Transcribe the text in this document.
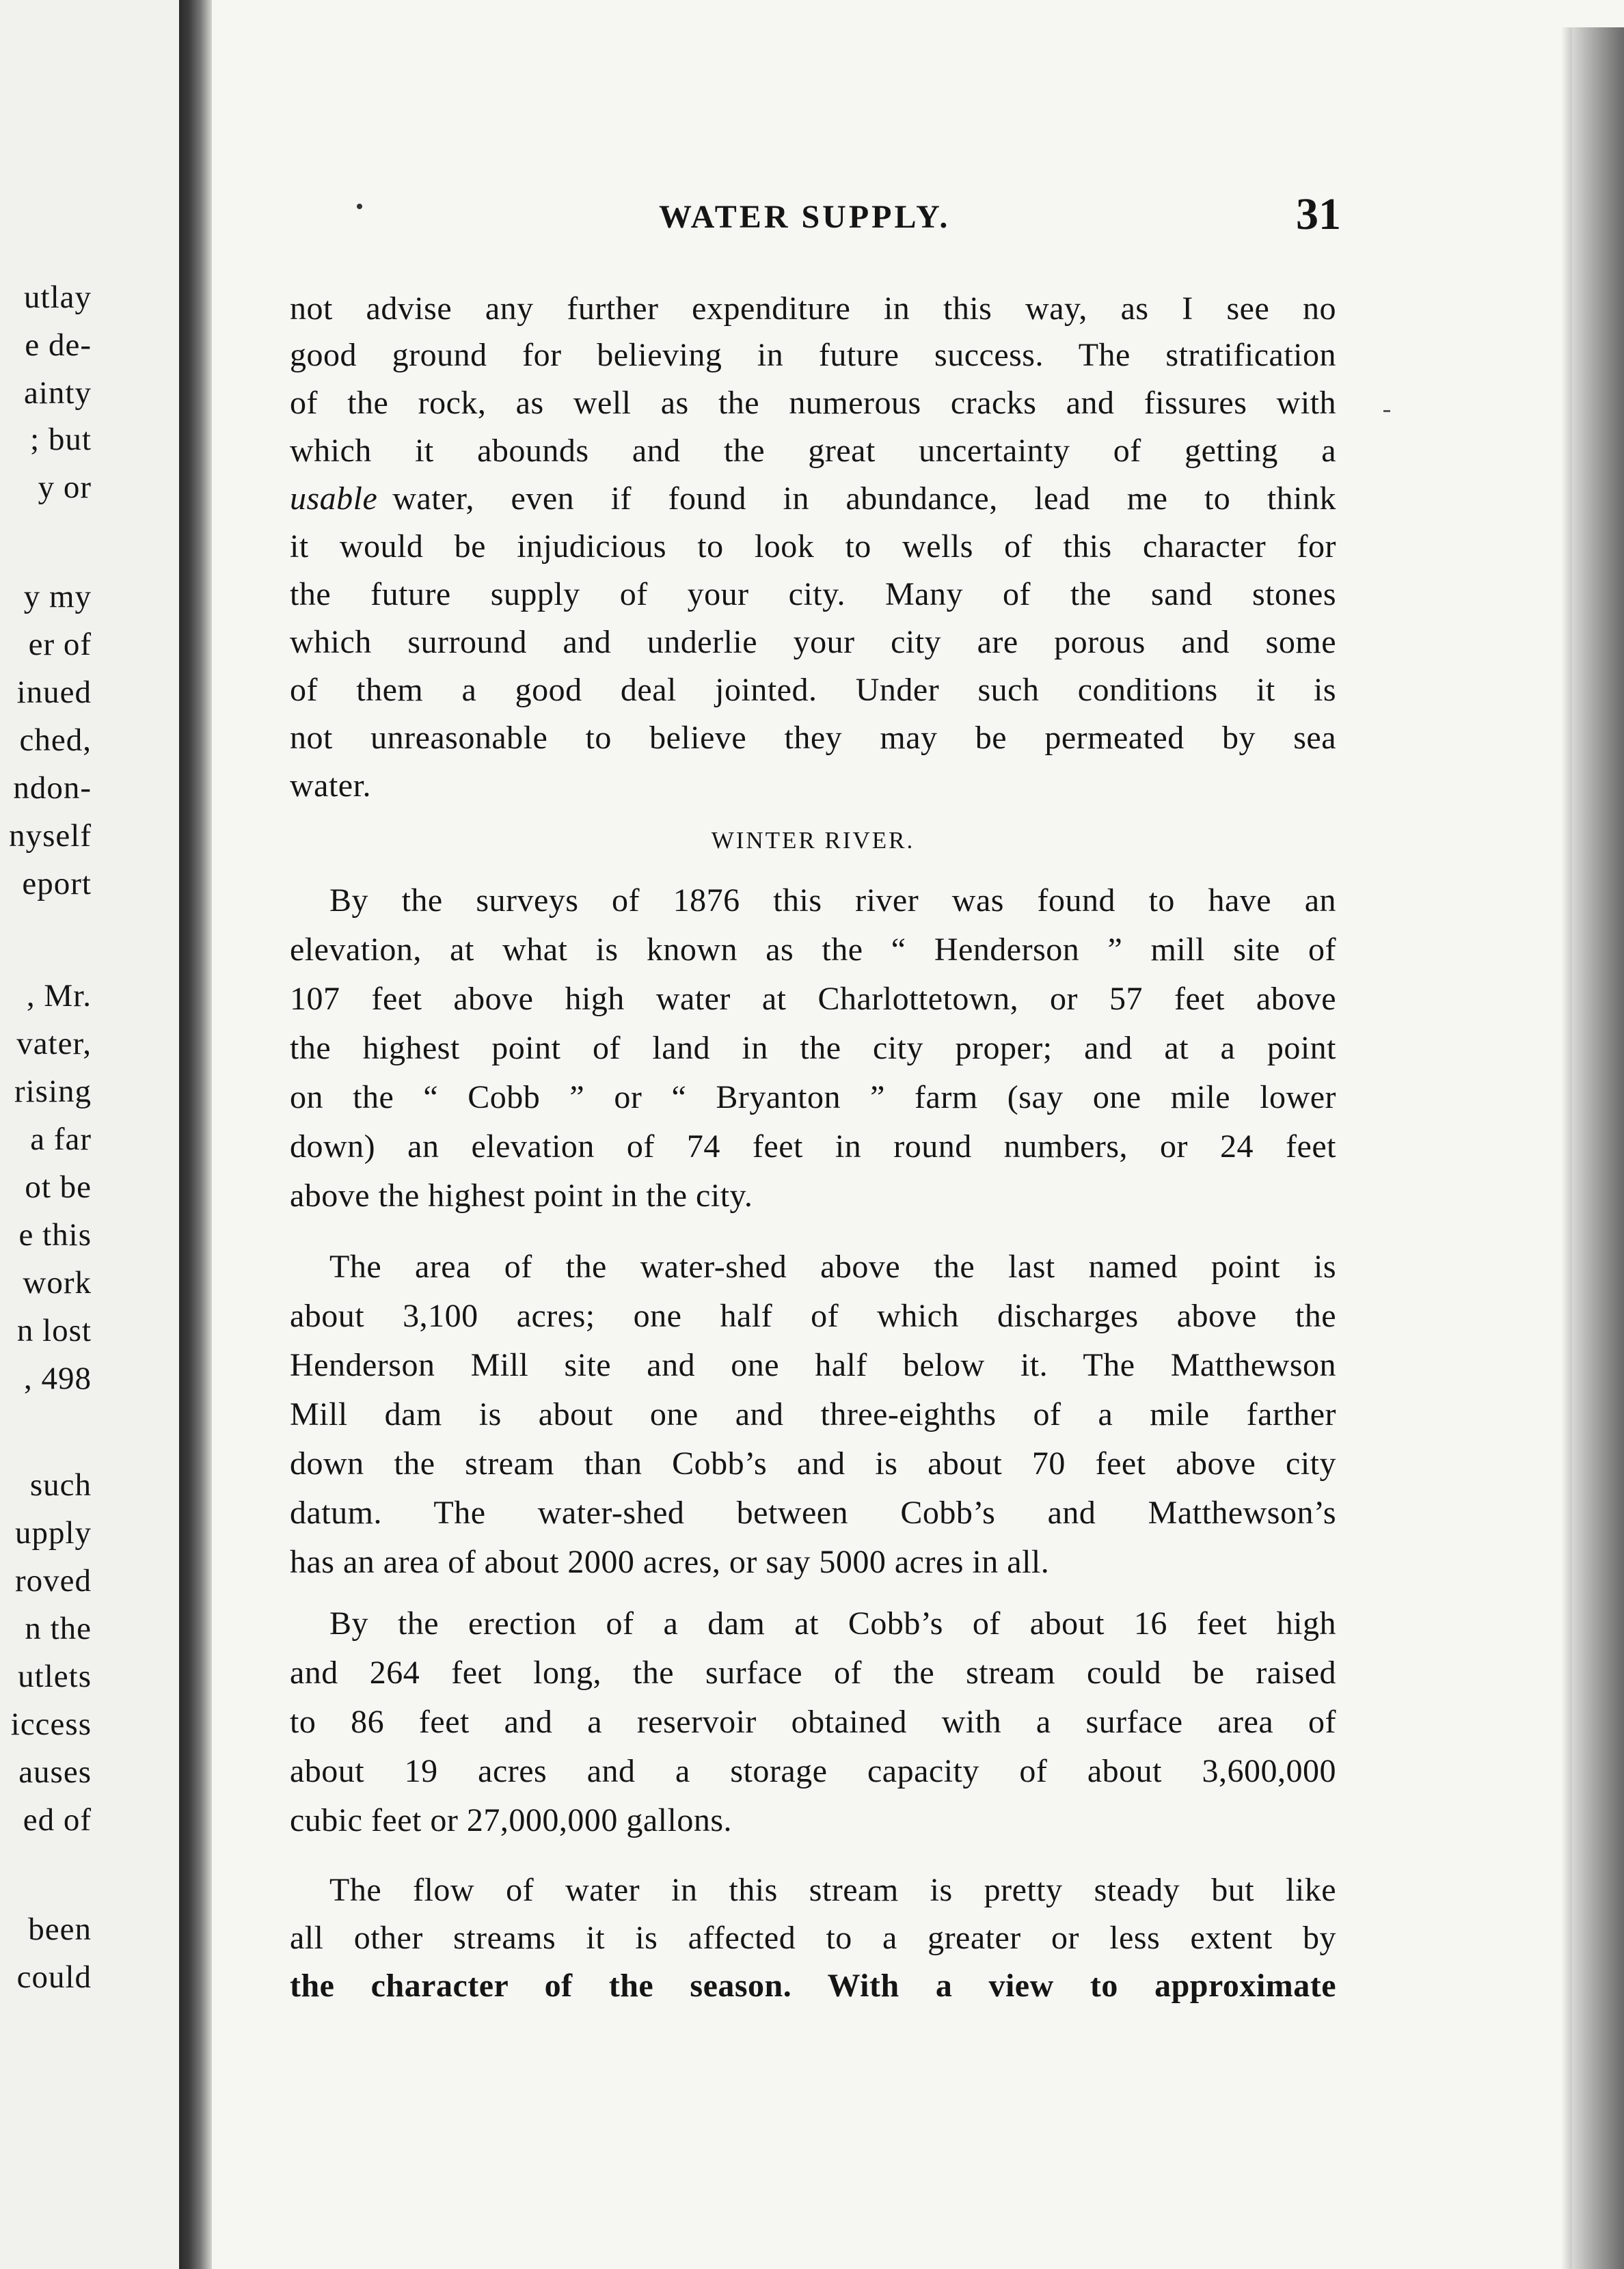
utlay
e de-
ainty
; but
y or
y my
er of
inued
ched,
ndon-
nyself
eport
, Mr.
vater,
rising
a far
ot be
e this
work
n lost
, 498
such
upply
roved
n the
utlets
iccess
auses
ed of
been
could
WATER SUPPLY.	31
not advise any further expenditure in this way, as I see no
good ground for believing in future success. The stratification
of the rock, as well as the numerous cracks and fissures with
which it abounds and the great uncertainty of getting a
usable water, even if found in abundance, lead me to think
it would be injudicious to look to wells of this character for
the future supply of your city. Many of the sand stones
which surround and underlie your city are porous and some
of them a good deal jointed. Under such conditions it is
not unreasonable to believe they may be permeated by sea
water.
WINTER RIVER.
By the surveys of 1876 this river was found to have an
elevation, at what is known as the “ Henderson ” mill site of
107 feet above high water at Charlottetown, or 57 feet above
the highest point of land in the city proper; and at a point
on the “ Cobb ” or “ Bryanton ” farm (say one mile lower
down) an elevation of 74 feet in round numbers, or 24 feet
above the highest point in the city.
The area of the water-shed above the last named point is
about 3,100 acres; one half of which discharges above the
Henderson Mill site and one half below it. The Matthewson
Mill dam is about one and three-eighths of a mile farther
down the stream than Cobb’s and is about 70 feet above city
datum. The water-shed between Cobb’s and Matthewson’s
has an area of about 2000 acres, or say 5000 acres in all.
By the erection of a dam at Cobb’s of about 16 feet high
and 264 feet long, the surface of the stream could be raised
to 86 feet and a reservoir obtained with a surface area of
about 19 acres and a storage capacity of about 3,600,000
cubic feet or 27,000,000 gallons.
The flow of water in this stream is pretty steady but like
all other streams it is affected to a greater or less extent by
the character of the season. With a view to approximate
